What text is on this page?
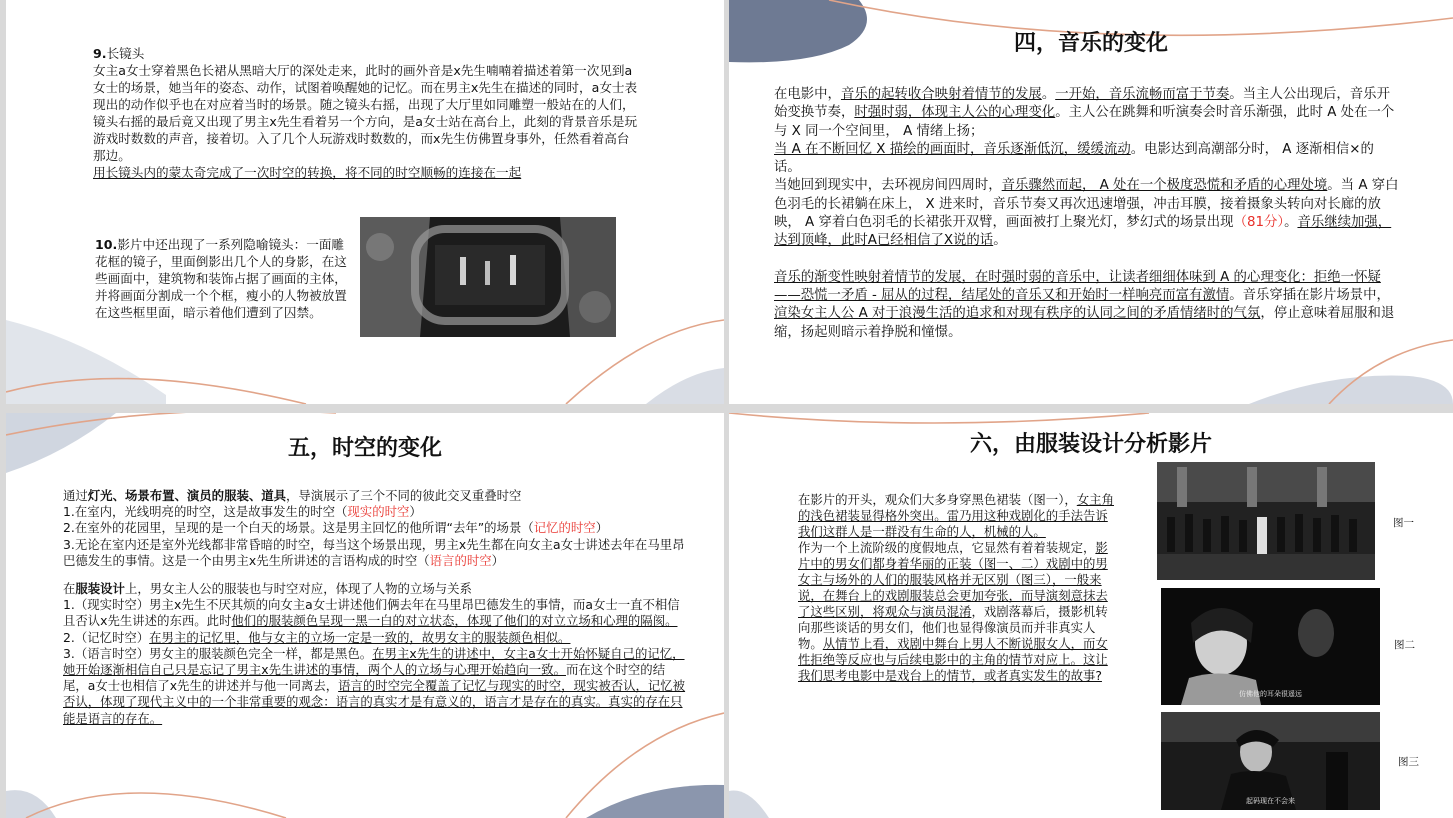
9.长镜头

女主a女士穿着黑色长裙从黑暗大厅的深处走来，此时的画外音是x先生喃喃着描述着第一次见到a女士的场景，她当年的姿态、动作，试图着唤醒她的记忆。而在男主x先生在描述的同时，a女士表现出的动作似乎也在对应着当时的场景。随之镜头右摇，出现了大厅里如同雕塑一般站在的人们，镜头右摇的最后竟又出现了男主x先生看着另一个方向，是a女士站在高台上，此刻的背景音乐是玩游戏时数数的声音，接着切。入了几个人玩游戏时数数的，而x先生仿佛置身事外，任然看着高台那边。

用长镜头内的蒙太奇完成了一次时空的转换，将不同的时空顺畅的连接在一起

10.影片中还出现了一系列隐喻镜头：一面雕花框的镜子，里面倒影出几个人的身影，在这些画面中，建筑物和装饰占据了画面的主体，并将画面分割成一个个框，瘦小的人物被放置在这些框里面，暗示着他们遭到了囚禁。
四，音乐的变化

在电影中，音乐的起转收合映射着情节的发展。一开始，音乐流畅而富于节奏。当主人公出现后，音乐开始变换节奏，时强时弱，体现主人公的心理变化。主人公在跳舞和听演奏会时音乐渐强，此时 A 处在一个与 X 同一个空间里， A 情绪上扬；

当 A 在不断回忆 X 描绘的画面时，音乐逐渐低沉，缓缓流动。电影达到高潮部分时， A 逐渐相信×的话。

当她回到现实中，去环视房间四周时，音乐骤然而起， A 处在一个极度恐慌和矛盾的心理处境。当 A 穿白色羽毛的长裙躺在床上， X 进来时，音乐节奏又再次迅速增强，冲击耳膜，接着摄象头转向对长廊的放映， A 穿着白色羽毛的长裙张开双臂，画面被打上聚光灯，梦幻式的场景出现（81分）。音乐继续加强，达到顶峰，此时A已经相信了X说的话。

音乐的渐变性映射着情节的发展，在时强时弱的音乐中，让读者细细体味到 A 的心理变化：拒绝一怀疑——恐慌一矛盾 - 屈从的过程，结尾处的音乐又和开始时一样响亮而富有激情。音乐穿插在影片场景中，渲染女主人公 A 对于浪漫生活的追求和对现有秩序的认同之间的矛盾情绪时的气氛，停止意味着屈服和退缩，扬起则暗示着挣脱和憧憬。

五，时空的变化

通过灯光、场景布置、演员的服装、道具，导演展示了三个不同的彼此交叉重叠时空

1.在室内，光线明亮的时空，这是故事发生的时空（现实的时空）

2.在室外的花园里，呈现的是一个白天的场景。这是男主回忆的他所谓“去年”的场景（记忆的时空）

3.无论在室内还是室外光线都非常昏暗的时空，每当这个场景出现，男主x先生都在向女主a女士讲述去年在马里昂巴德发生的事情。这是一个由男主x先生所讲述的言语构成的时空（语言的时空）

在服装设计上，男女主人公的服装也与时空对应，体现了人物的立场与关系

1.（现实时空）男主x先生不厌其烦的向女主a女士讲述他们俩去年在马里昂巴德发生的事情，而a女士一直不相信且否认x先生讲述的东西。此时他们的服装颜色呈现一黑一白的对立状态，体现了他们的对立立场和心理的隔阂。

2.（记忆时空）在男主的记忆里，他与女主的立场一定是一致的，故男女主的服装颜色相似。

3.（语言时空）男女主的服装颜色完全一样，都是黑色。在男主x先生的讲述中，女主a女士开始怀疑自己的记忆，她开始逐渐相信自己只是忘记了男主x先生讲述的事情，两个人的立场与心理开始趋向一致。而在这个时空的结尾，a女士也相信了x先生的讲述并与他一同离去，语言的时空完全覆盖了记忆与现实的时空，现实被否认，记忆被否认，体现了现代主义中的一个非常重要的观念：语言的真实才是有意义的，语言才是存在的真实。真实的存在只能是语言的存在。

六，由服装设计分析影片

在影片的开头，观众们大多身穿黑色裙装（图一），女主角的浅色裙装显得格外突出。雷乃用这种戏剧化的手法告诉我们这群人是一群没有生命的人，机械的人。

作为一个上流阶级的度假地点，它显然有着着装规定，影片中的男女们都身着华丽的正装（图一、二）戏剧中的男女主与场外的人们的服装风格并无区别（图三），一般来说，在舞台上的戏剧服装总会更加夸张，而导演刻意抹去了这些区别，将观众与演员混淆，戏剧落幕后，摄影机转向那些谈话的男女们，他们也显得像演员而并非真实人物。从情节上看，戏剧中舞台上男人不断说服女人，而女性拒绝等反应也与后续电影中的主角的情节对应上。这让我们思考电影中是戏台上的情节，或者真实发生的故事?

图一
仿佛他的耳朵很遥远
图二
起码现在不会来
图三
